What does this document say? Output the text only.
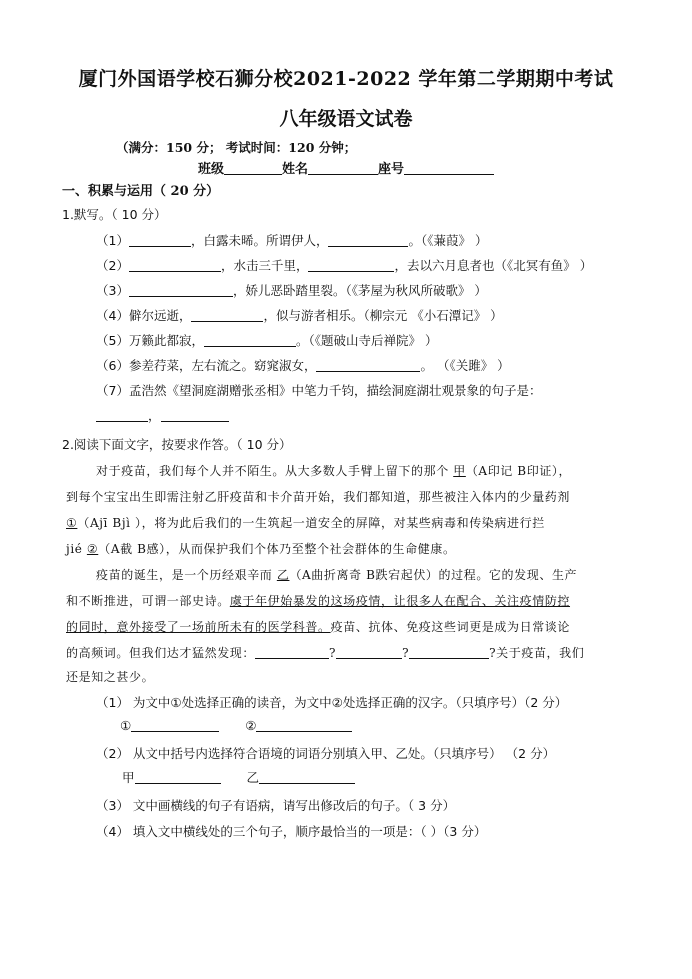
厦门外国语学校石狮分校2021-2022 学年第二学期期中考试
八年级语文试卷
（满分：150 分； 考试时间：120 分钟；
班级	姓名	座号
一、积累与运用（ 20 分）
1.默写。（ 10 分）
（1）	，白露未晞。所谓伊人，	。（《蒹葭》 ）
（2）	，水击三千里，	，去以六月息者也（《北冥有鱼》 ）
（3）	，娇儿恶卧踏里裂。（《茅屋为秋风所破歌》 ）
（4）僻尔远逝，	，似与游者相乐。（柳宗元 《小石潭记》 ）
（5）万籁此都寂，	。（《题破山寺后禅院》 ）
（6）参差荇菜，左右流之。窈窕淑女，	。 （《关雎》 ）
（7）孟浩然《望洞庭湖赠张丞相》中笔力千钧，描绘洞庭湖壮观景象的句子是：
，
2.阅读下面文字，按要求作答。（ 10 分）
对于疫苗，我们每个人并不陌生。从大多数人手臂上留下的那个 甲（A印记 B印证），
到每个宝宝出生即需注射乙肝疫苗和卡介苗开始，我们都知道，那些被注入体内的少量药剂
①（Ajī Bjì ），将为此后我们的一生筑起一道安全的屏障，对某些病毒和传染病进行拦
jié ②（A截 B感），从而保护我们个体乃至整个社会群体的生命健康。
疫苗的诞生，是一个历经艰辛而 乙（A曲折离奇 B跌宕起伏）的过程。它的发现、生产
和不断推进，可谓一部史诗。虞于年伊始暴发的这场疫情，让很多人在配合、关注疫情防控
的同时，意外接受了一场前所未有的医学科普。疫苗、抗体、免疫这些词更是成为日常谈论
的高频词。但我们达才猛然发现：	?	?	?关于疫苗，我们
还是知之甚少。
（1） 为文中①处选择正确的读音，为文中②处选择正确的汉字。（只填序号）（2 分）
①	②
（2） 从文中括号内选择符合语境的词语分别填入甲、乙处。（只填序号） （2 分）
甲	乙
（3） 文中画横线的句子有语病，请写出修改后的句子。（ 3 分）
（4） 填入文中横线处的三个句子，顺序最恰当的一项是：（ ）（3 分）
